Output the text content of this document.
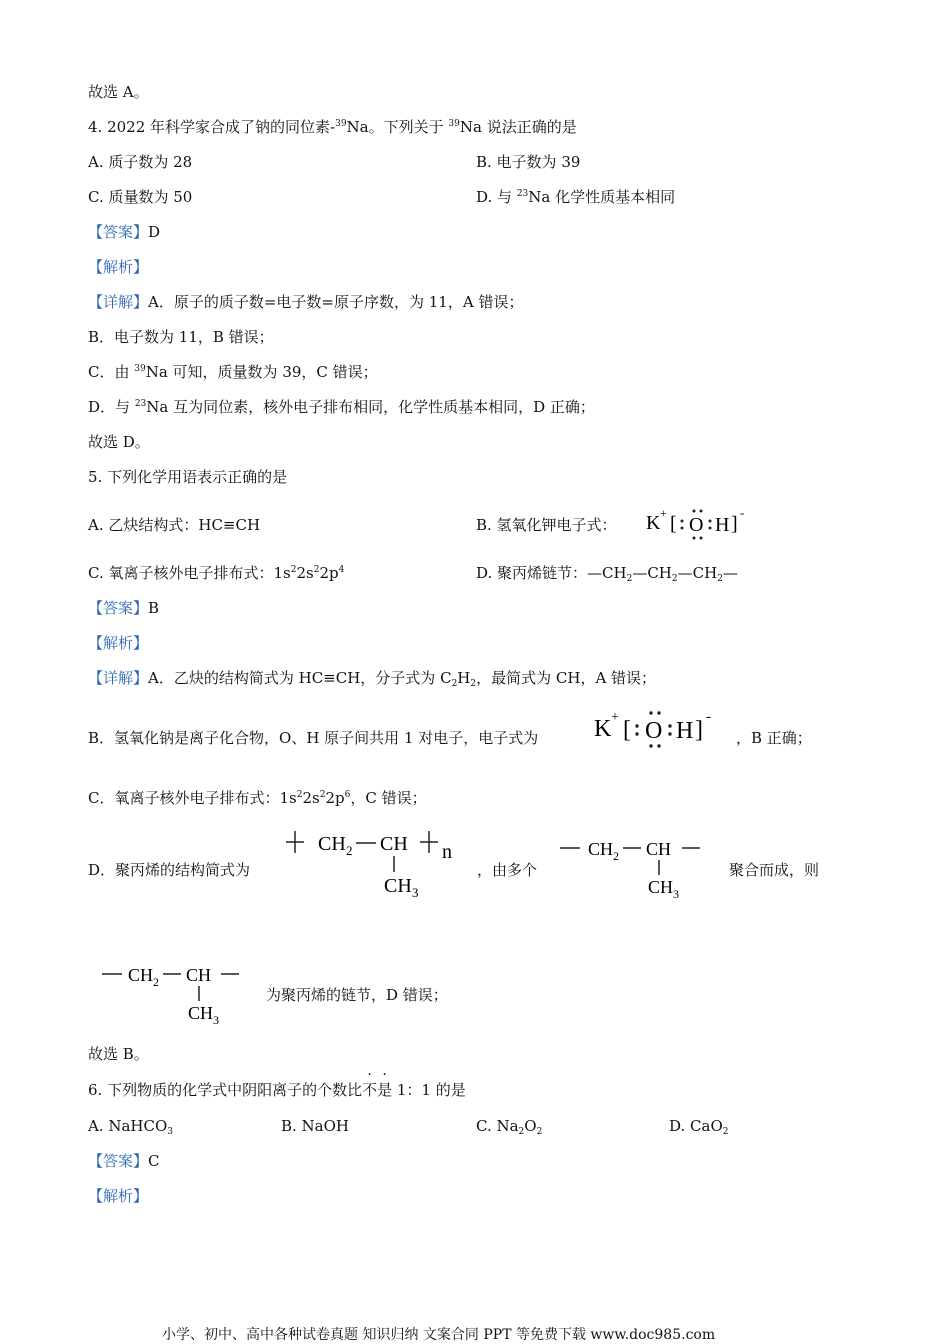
故选 A。
4. 2022 年科学家合成了钠的同位素-$^{39}$Na。下列关于 $^{39}$Na 说法正确的是
A. 质子数为 28	B. 电子数为 39
C. 质量数为 50	D. 与 $^{23}$Na 化学性质基本相同
【答案】D
【解析】
【详解】A．原子的质子数=电子数=原子序数，为 11，A 错误；
B．电子数为 11，B 错误；
C．由 $^{39}$Na 可知，质量数为 39，C 错误；
D．与 $^{23}$Na 互为同位素，核外电子排布相同，化学性质基本相同，D 正确；
故选 D。
5. 下列化学用语表示正确的是
A. 乙炔结构式：HC≡CH	B. 氢氧化钾电子式： K + [ O H ]
-
C. 氧离子核外电子排布式：$1s^22s^22p^4$	D. 聚丙烯链节：$—CH_2—CH_2—CH_2—$
【答案】B
【解析】
【详解】A．乙炔的结构简式为 HC≡CH，分子式为 $C_2H_2$，最简式为 CH，A 错误；
B．氢氧化钠是离子化合物，O、H 原子间共用 1 对电子，电子式为 K + [ O H ] -
，B 正确；
C．氧离子核外电子排布式：$1s^22s^22p^6$，C 错误；
D．聚丙烯的结构简式为
CH 2 CH
CH 3
n
，由多个
CH 2 CH
CH 3
聚合而成，则
CH 2 CH
CH 3
为聚丙烯的链节，D 错误；
故选 B。
6. 下列物质的化学式中阴阳离子的个数比不是 1：1 的是
A. NaHCO$_3$	B. NaOH	C. $Na_2O_2$	D. CaO$_2$
【答案】C
【解析】
小学、初中、高中各种试卷真题 知识归纳 文案合同 PPT 等免费下载 www.doc985.com
